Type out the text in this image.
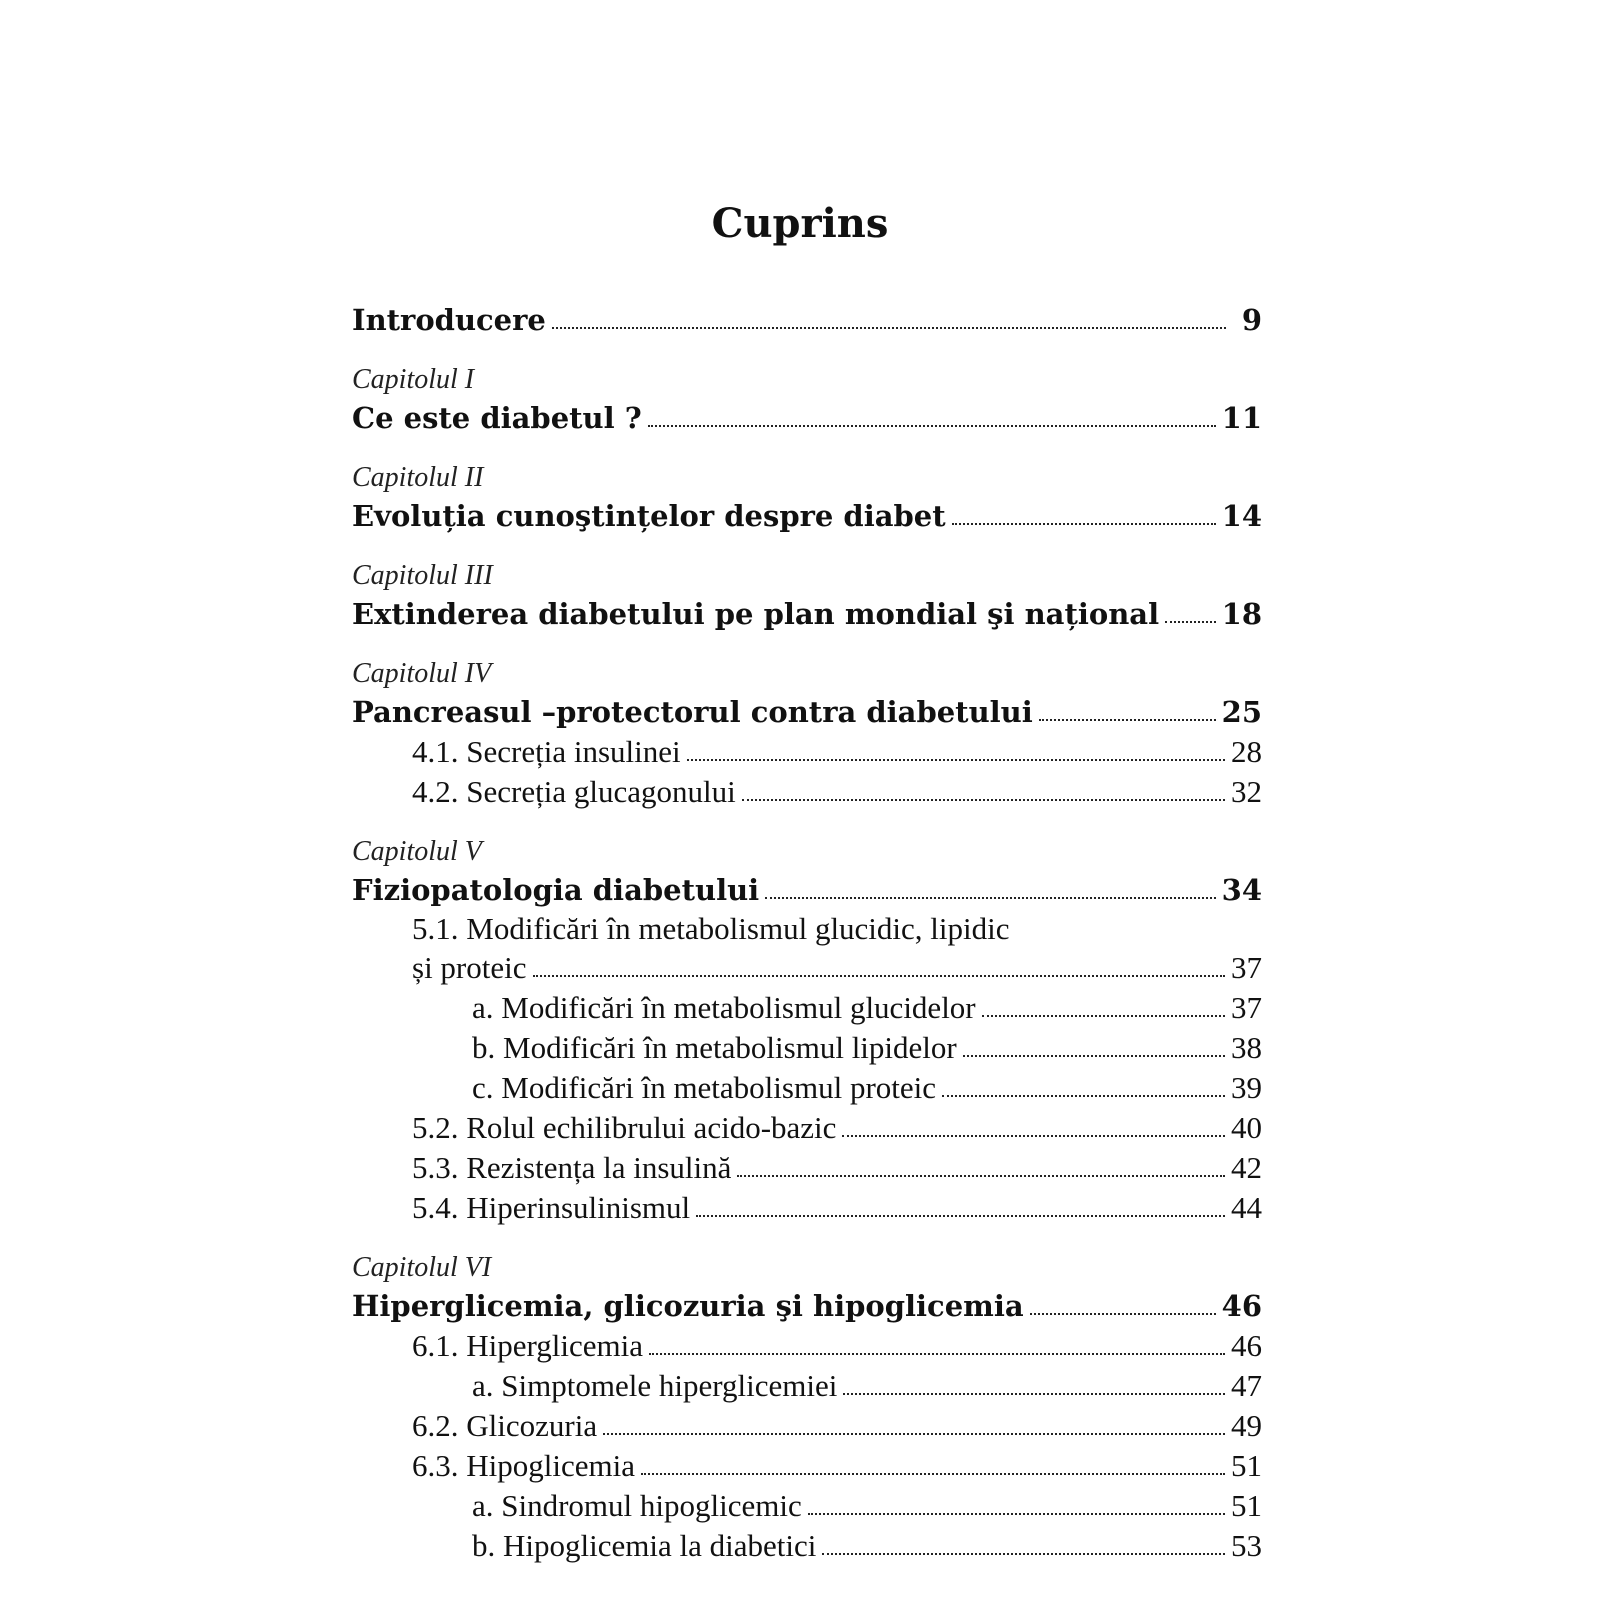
Cuprins
Introducere	9
Capitolul I
Ce este diabetul ?	11
Capitolul II
Evoluția cunoştințelor despre diabet	14
Capitolul III
Extinderea diabetului pe plan mondial şi național 18
Capitolul IV
Pancreasul –protectorul contra diabetului	25
4.1. Secreția insulinei	28
4.2. Secreția glucagonului	32
Capitolul V
Fiziopatologia diabetului	34
5.1. Modificări în metabolismul glucidic, lipidic
și proteic	37
a. Modificări în metabolismul glucidelor	37
b. Modificări în metabolismul lipidelor	38
c. Modificări în metabolismul proteic	39
5.2. Rolul echilibrului acido-bazic	40
5.3. Rezistența la insulină	42
5.4. Hiperinsulinismul	44
Capitolul VI
Hiperglicemia, glicozuria şi hipoglicemia	46
6.1. Hiperglicemia	46
a. Simptomele hiperglicemiei	47
6.2. Glicozuria	49
6.3. Hipoglicemia	51
a. Sindromul hipoglicemic	51
b. Hipoglicemia la diabetici	53
